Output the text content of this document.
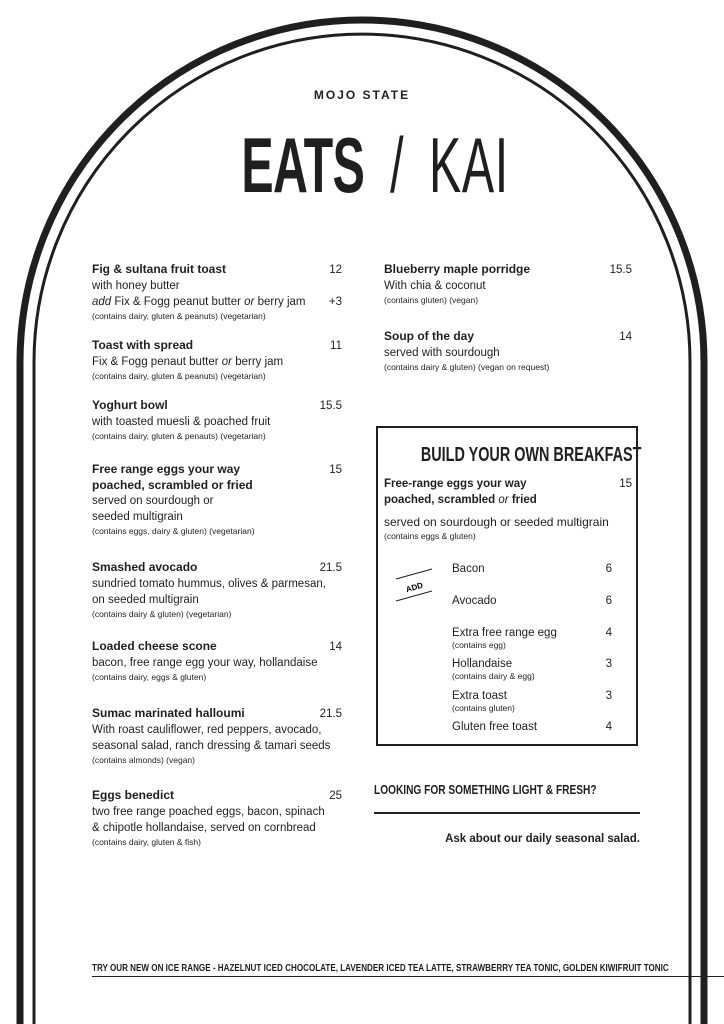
MOJO STATE
EATS / KAI
Fig & sultana fruit toast	12
with honey butter
add Fix & Fogg peanut butter or berry jam +3
(contains dairy, gluten & peanuts) (vegetarian)
Toast with spread	11
Fix & Fogg penaut butter or berry jam
(contains dairy, gluten & peanuts) (vegetarian)
Yoghurt bowl	15.5
with toasted muesli & poached fruit
(contains dairy, gluten & penauts) (vegetarian)
Free range eggs your way	15
poached, scrambled or fried
served on sourdough or
seeded multigrain
(contains eggs, dairy & gluten) (vegetarian)
Smashed avocado	21.5
sundried tomato hummus, olives & parmesan,
on seeded multigrain
(contains dairy & gluten) (vegetarian)
Loaded cheese scone	14
bacon, free range egg your way, hollandaise
(contains dairy, eggs & gluten)
Sumac marinated halloumi	21.5
With roast cauliflower, red peppers, avocado,
seasonal salad, ranch dressing & tamari seeds
(contains almonds) (vegan)
Eggs benedict	25
two free range poached eggs, bacon, spinach
& chipotle hollandaise, served on cornbread
(contains dairy, gluten & fish)
Blueberry maple porridge	15.5
With chia & coconut
(contains gluten) (vegan)
Soup of the day	14
served with sourdough
(contains dairy & gluten) (vegan on request)
BUILD YOUR OWN BREAKFAST
Free-range eggs your way	15
poached, scrambled or fried
served on sourdough or seeded multigrain
(contains eggs & gluten)
ADD
Bacon	6
Avocado	6
Extra free range egg	4
(contains egg)
Hollandaise	3
(contains dairy & egg)
Extra toast	3
(contains gluten)
Gluten free toast	4
LOOKING FOR SOMETHING LIGHT & FRESH?
Ask about our daily seasonal salad.
TRY OUR NEW ON ICE RANGE - HAZELNUT ICED CHOCOLATE, LAVENDER ICED TEA LATTE, STRAWBERRY TEA TONIC, GOLDEN KIWIFRUIT TONIC
